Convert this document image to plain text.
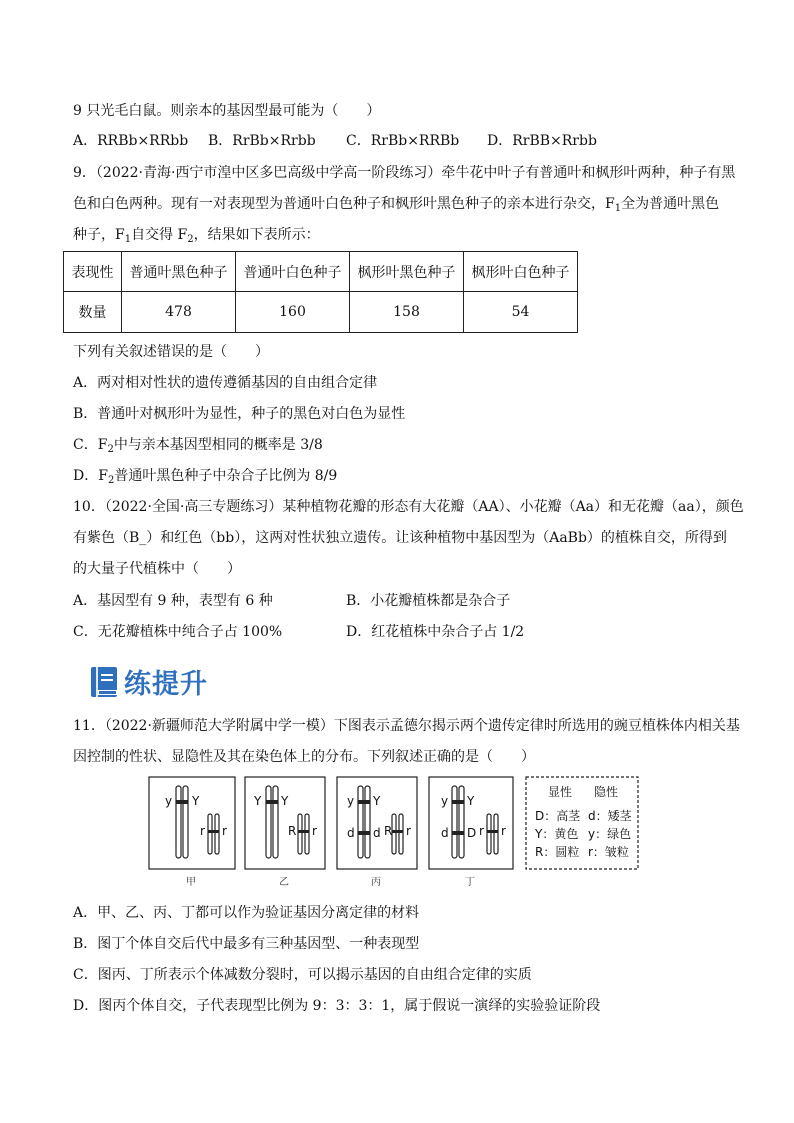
9 只光毛白鼠。则亲本的基因型最可能为（　　）
A．RRBb×RRbb B．RrBb×Rrbb C．RrBb×RRBb D．RrBB×Rrbb
9．（2022·青海·西宁市湟中区多巴高级中学高一阶段练习）牵牛花中叶子有普通叶和枫形叶两种，种子有黑
色和白色两种。现有一对表现型为普通叶白色种子和枫形叶黑色种子的亲本进行杂交，$F_1$全为普通叶黑色
种子，$F_1$自交得 $F_2$，结果如下表所示：
表现性	普通叶黑色种子	普通叶白色种子	枫形叶黑色种子	枫形叶白色种子
数量	478	160	158	54
下列有关叙述错误的是（　　）
A．两对相对性状的遗传遵循基因的自由组合定律
B．普通叶对枫形叶为显性，种子的黑色对白色为显性
C．$F_2$中与亲本基因型相同的概率是 3/8
D．$F_2$普通叶黑色种子中杂合子比例为 8/9
10．（2022·全国·高三专题练习）某种植物花瓣的形态有大花瓣（AA）、小花瓣（Aa）和无花瓣（aa），颜色
有紫色（B_）和红色（bb），这两对性状独立遗传。让该种植物中基因型为（AaBb）的植株自交，所得到
的大量子代植株中（　　）
A．基因型有 9 种，表型有 6 种	B．小花瓣植株都是杂合子
C．无花瓣植株中纯合子占 100%	D．红花植株中杂合子占 1/2
练提升
11．（2022·新疆师范大学附属中学一模）下图表示孟德尔揭示两个遗传定律时所选用的豌豆植株体内相关基
因控制的性状、显隐性及其在染色体上的分布。下列叙述正确的是（　　）
y Y
r r
Y Y
R r
y Y
d d R r
y Y
d D r r
显性 隐性
D：高茎 d：矮茎
Y：黄色 y：绿色
R：圆粒 r：皱粒
甲	乙	丙	丁
A．甲、乙、丙、丁都可以作为验证基因分离定律的材料
B．图丁个体自交后代中最多有三种基因型、一种表现型
C．图丙、丁所表示个体减数分裂时，可以揭示基因的自由组合定律的实质
D．图丙个体自交，子代表现型比例为 9：3：3：1，属于假说一演绎的实验验证阶段
